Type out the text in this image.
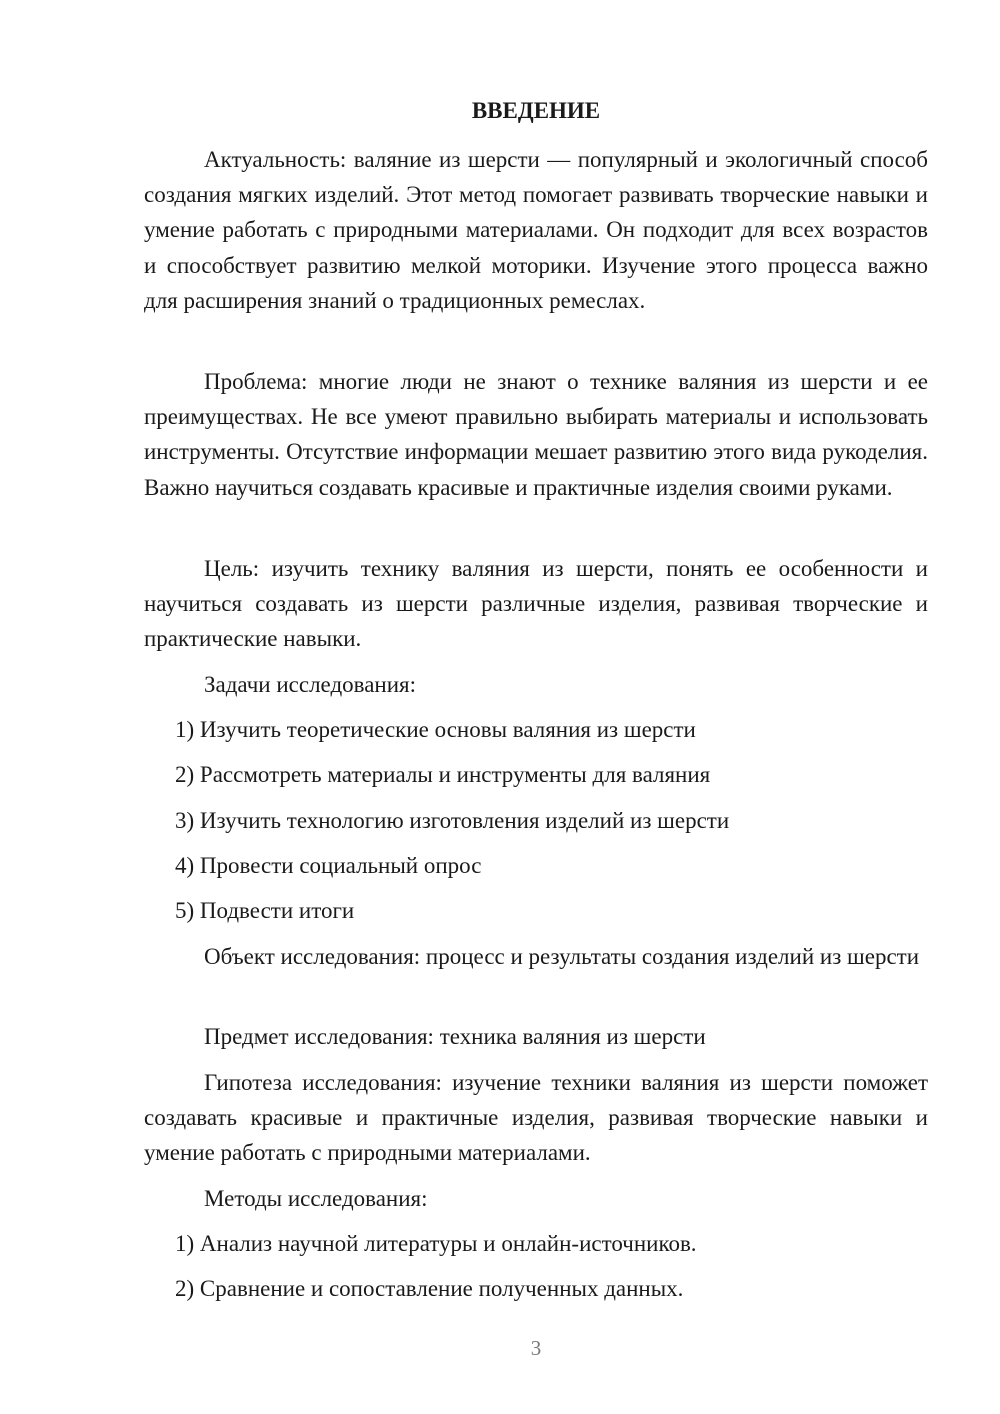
ВВЕДЕНИЕ

Актуальность: валяние из шерсти — популярный и экологичный способ создания мягких изделий. Этот метод помогает развивать творческие навыки и умение работать с природными материалами. Он подходит для всех возрастов и способствует развитию мелкой моторики. Изучение этого процесса важно для расширения знаний о традиционных ремеслах.

Проблема: многие люди не знают о технике валяния из шерсти и ее преимуществах. Не все умеют правильно выбирать материалы и использовать инструменты. Отсутствие информации мешает развитию этого вида рукоделия. Важно научиться создавать красивые и практичные изделия своими руками.

Цель: изучить технику валяния из шерсти, понять ее особенности и научиться создавать из шерсти различные изделия, развивая творческие и практические навыки.

Задачи исследования:
1) Изучить теоретические основы валяния из шерсти
2) Рассмотреть материалы и инструменты для валяния
3) Изучить технологию изготовления изделий из шерсти
4) Провести социальный опрос
5) Подвести итоги

Объект исследования: процесс и результаты создания изделий из шерсти

Предмет исследования: техника валяния из шерсти

Гипотеза исследования: изучение техники валяния из шерсти поможет создавать красивые и практичные изделия, развивая творческие навыки и умение работать с природными материалами.

Методы исследования:
1) Анализ научной литературы и онлайн-источников.
2) Сравнение и сопоставление полученных данных.
3
